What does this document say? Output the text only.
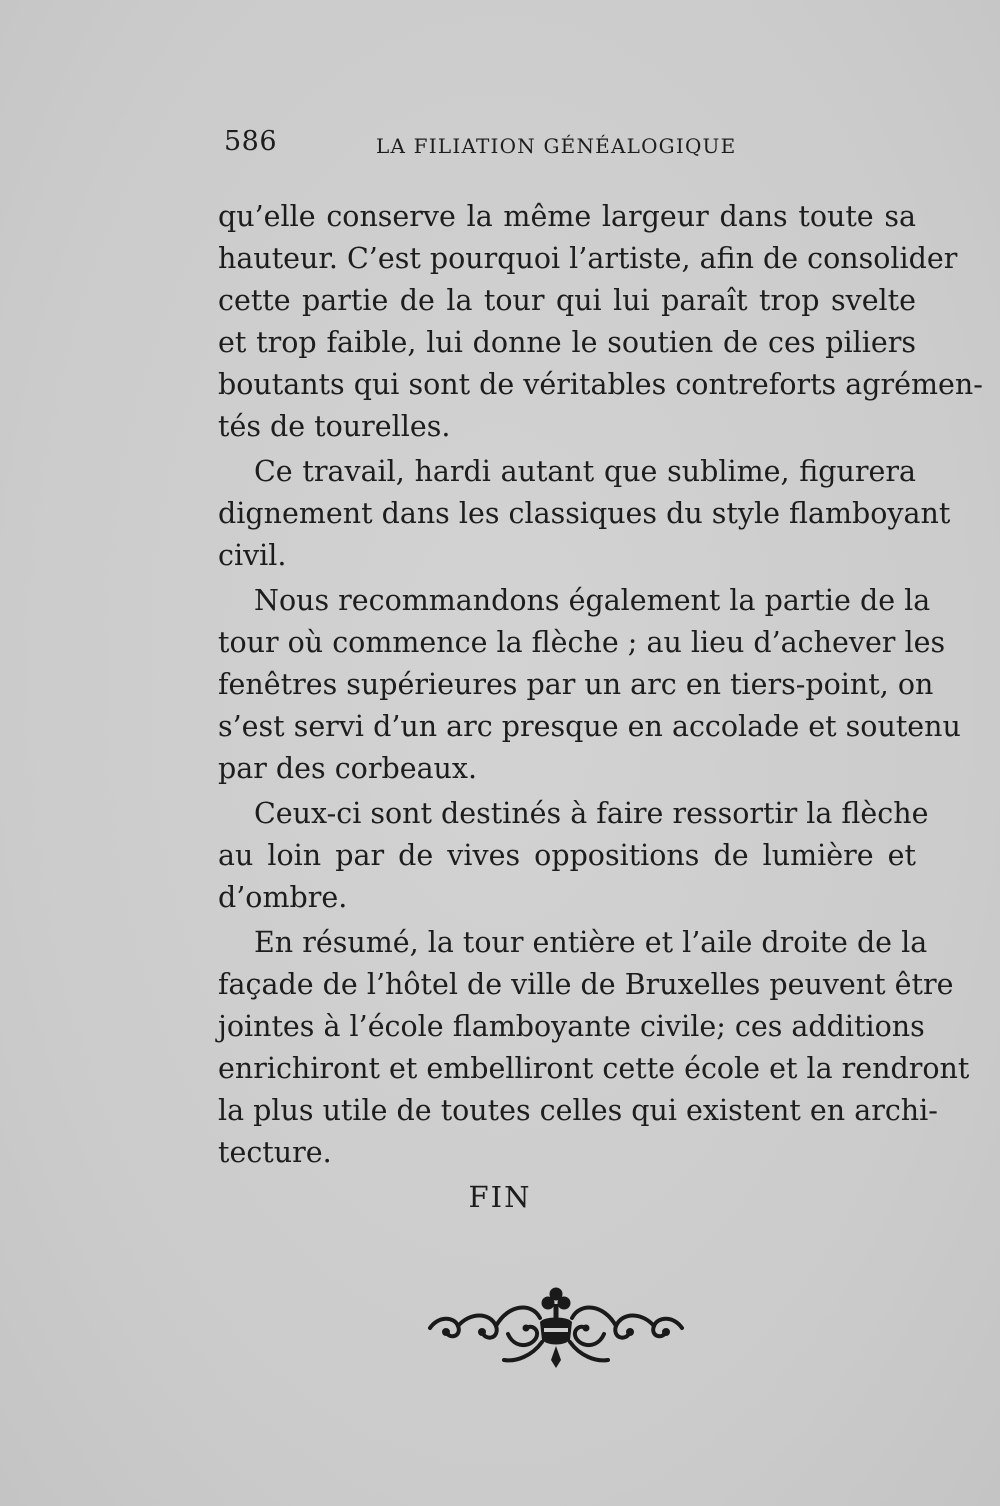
586	LA FILIATION GÉNÉALOGIQUE
qu’elle conserve la même largeur dans toute sa
hauteur. C’est pourquoi l’artiste, afin de consolider
cette partie de la tour qui lui paraît trop svelte
et trop faible, lui donne le soutien de ces piliers
boutants qui sont de véritables contreforts agrémen-
tés de tourelles.
Ce travail, hardi autant que sublime, figurera
dignement dans les classiques du style flamboyant
civil.
Nous recommandons également la partie de la
tour où commence la flèche ; au lieu d’achever les
fenêtres supérieures par un arc en tiers-point, on
s’est servi d’un arc presque en accolade et soutenu
par des corbeaux.
Ceux-ci sont destinés à faire ressortir la flèche
au loin par de vives oppositions de lumière et
d’ombre.
En résumé, la tour entière et l’aile droite de la
façade de l’hôtel de ville de Bruxelles peuvent être
jointes à l’école flamboyante civile; ces additions
enrichiront et embelliront cette école et la rendront
la plus utile de toutes celles qui existent en archi-
tecture.
FIN
